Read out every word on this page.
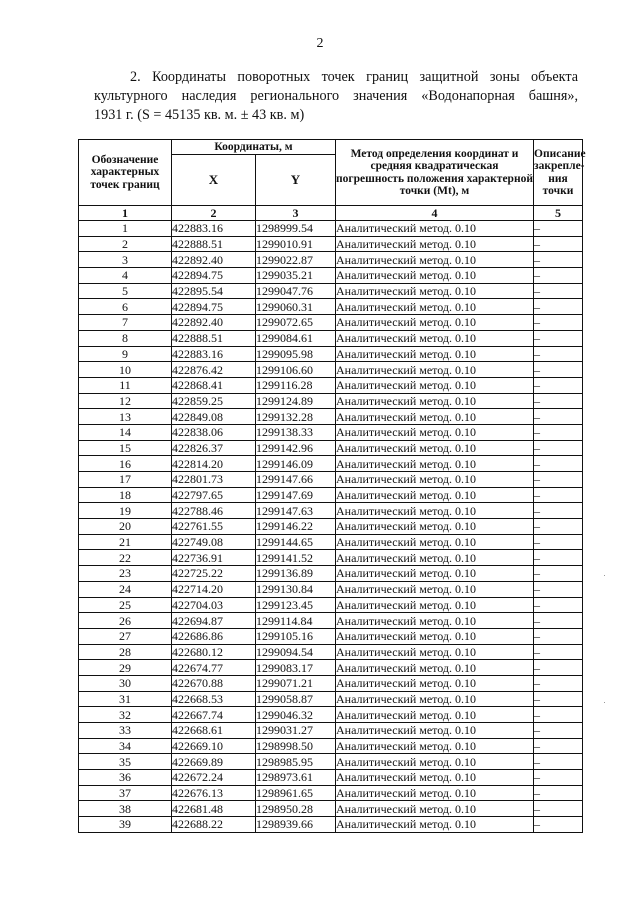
2
2. Координаты поворотных точек границ защитной зоны объекта
культурного наследия регионального значения «Водонапорная башня»,
1931 г. (S = 45135 кв. м. ± 43 кв. м)
Обозначение характерных точек границ	Координаты, м		Метод определения координат и средняя квадратическая погрешность положения характерной точки (Mt), м	Описание закрепле-ния точки
	X	Y		
1	2	3	4	5
1	422883.16	1298999.54	Аналитический метод. 0.10	–
2	422888.51	1299010.91	Аналитический метод. 0.10	–
3	422892.40	1299022.87	Аналитический метод. 0.10	–
4	422894.75	1299035.21	Аналитический метод. 0.10	–
5	422895.54	1299047.76	Аналитический метод. 0.10	–
6	422894.75	1299060.31	Аналитический метод. 0.10	–
7	422892.40	1299072.65	Аналитический метод. 0.10	–
8	422888.51	1299084.61	Аналитический метод. 0.10	–
9	422883.16	1299095.98	Аналитический метод. 0.10	–
10	422876.42	1299106.60	Аналитический метод. 0.10	–
11	422868.41	1299116.28	Аналитический метод. 0.10	–
12	422859.25	1299124.89	Аналитический метод. 0.10	–
13	422849.08	1299132.28	Аналитический метод. 0.10	–
14	422838.06	1299138.33	Аналитический метод. 0.10	–
15	422826.37	1299142.96	Аналитический метод. 0.10	–
16	422814.20	1299146.09	Аналитический метод. 0.10	–
17	422801.73	1299147.66	Аналитический метод. 0.10	–
18	422797.65	1299147.69	Аналитический метод. 0.10	–
19	422788.46	1299147.63	Аналитический метод. 0.10	–
20	422761.55	1299146.22	Аналитический метод. 0.10	–
21	422749.08	1299144.65	Аналитический метод. 0.10	–
22	422736.91	1299141.52	Аналитический метод. 0.10	–
23	422725.22	1299136.89	Аналитический метод. 0.10	–
24	422714.20	1299130.84	Аналитический метод. 0.10	–
25	422704.03	1299123.45	Аналитический метод. 0.10	–
26	422694.87	1299114.84	Аналитический метод. 0.10	–
27	422686.86	1299105.16	Аналитический метод. 0.10	–
28	422680.12	1299094.54	Аналитический метод. 0.10	–
29	422674.77	1299083.17	Аналитический метод. 0.10	–
30	422670.88	1299071.21	Аналитический метод. 0.10	–
31	422668.53	1299058.87	Аналитический метод. 0.10	–
32	422667.74	1299046.32	Аналитический метод. 0.10	–
33	422668.61	1299031.27	Аналитический метод. 0.10	–
34	422669.10	1298998.50	Аналитический метод. 0.10	–
35	422669.89	1298985.95	Аналитический метод. 0.10	–
36	422672.24	1298973.61	Аналитический метод. 0.10	–
37	422676.13	1298961.65	Аналитический метод. 0.10	–
38	422681.48	1298950.28	Аналитический метод. 0.10	–
39	422688.22	1298939.66	Аналитический метод. 0.10	–
